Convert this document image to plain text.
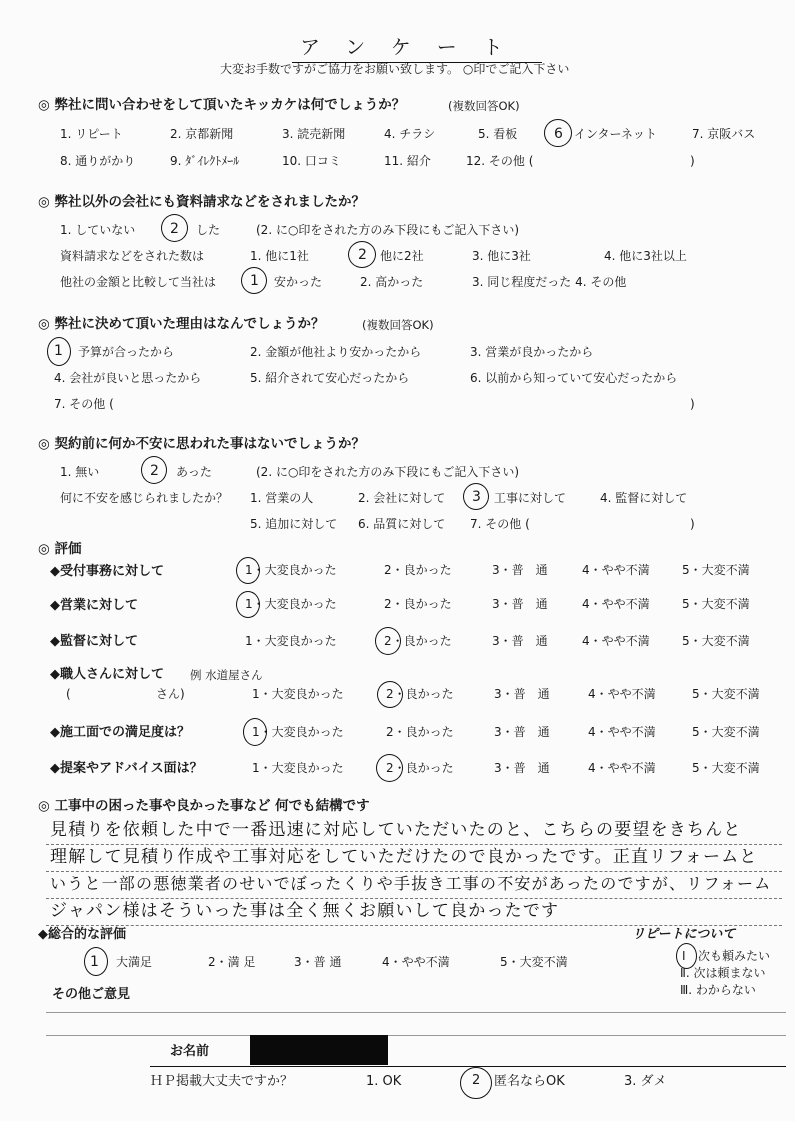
アンケート
大変お手数ですがご協力をお願い致します。 ○印でご記入下さい
◎ 弊社に問い合わせをして頂いたキッカケは何でしょうか？	(複数回答OK)
1. リピート	2. 京都新聞	3. 読売新聞	4. チラシ	5. 看板	6 インターネット	7. 京阪バス
8. 通りがかり	9. ﾀﾞｲﾚｸﾄﾒｰﾙ	10. 口コミ	11. 紹介	12. その他 (	)
◎ 弊社以外の会社にも資料請求などをされましたか？
1. していない 2 した	(2. に○印をされた方のみ下段にもご記入下さい)
資料請求などをされた数は	1. 他に1社	2 他に2社	3. 他に3社	4. 他に3社以上
他社の金額と比較して当社は 1 安かった	2. 高かった	3. 同じ程度だった 4. その他
◎ 弊社に決めて頂いた理由はなんでしょうか？	(複数回答OK)
1 予算が合ったから	2. 金額が他社より安かったから	3. 営業が良かったから
4. 会社が良いと思ったから	5. 紹介されて安心だったから	6. 以前から知っていて安心だったから
7. その他 (	)
◎ 契約前に何か不安に思われた事はないでしょうか？
1. 無い	2 あった	(2. に○印をされた方のみ下段にもご記入下さい)
何に不安を感じられましたか？ 1. 営業の人	2. 会社に対して 3 工事に対して	4. 監督に対して
5. 追加に対して 6. 品質に対して 7. その他 (	)
◎ 評価
◆受付事務に対して	1・大変良かった	2・良かった	3・普　通	4・やや不満	5・大変不満
◆営業に対して	1・大変良かった	2・良かった	3・普　通	4・やや不満	5・大変不満
◆監督に対して	1・大変良かった	2・良かった	3・普　通	4・やや不満	5・大変不満
◆職人さんに対して 例 水道屋さん
(	さん)	1・大変良かった	2・良かった	3・普　通	4・やや不満	5・大変不満
◆施工面での満足度は？	1・大変良かった	2・良かった	3・普　通	4・やや不満	5・大変不満
◆提案やアドバイス面は？	1・大変良かった	2・良かった	3・普　通	4・やや不満	5・大変不満
◎ 工事中の困った事や良かった事など 何でも結構です
見積りを依頼した中で一番迅速に対応していただいたのと、こちらの要望をきちんと
理解して見積り作成や工事対応をしていただけたので良かったです。正直リフォームと
いうと一部の悪徳業者のせいでぼったくりや手抜き工事の不安があったのですが、リフォーム
ジャパン様はそういった事は全く無くお願いして良かったです
◆総合的な評価
1 大満足	2・満 足	3・普 通	4・やや不満	5・大変不満
リピートについて
Ⅰ 次も頼みたい
Ⅱ. 次は頼まない
Ⅲ. わからない
その他ご意見
お名前
ＨＰ掲載大丈夫ですか？	1. OK	2 匿名ならOK	3. ダメ
